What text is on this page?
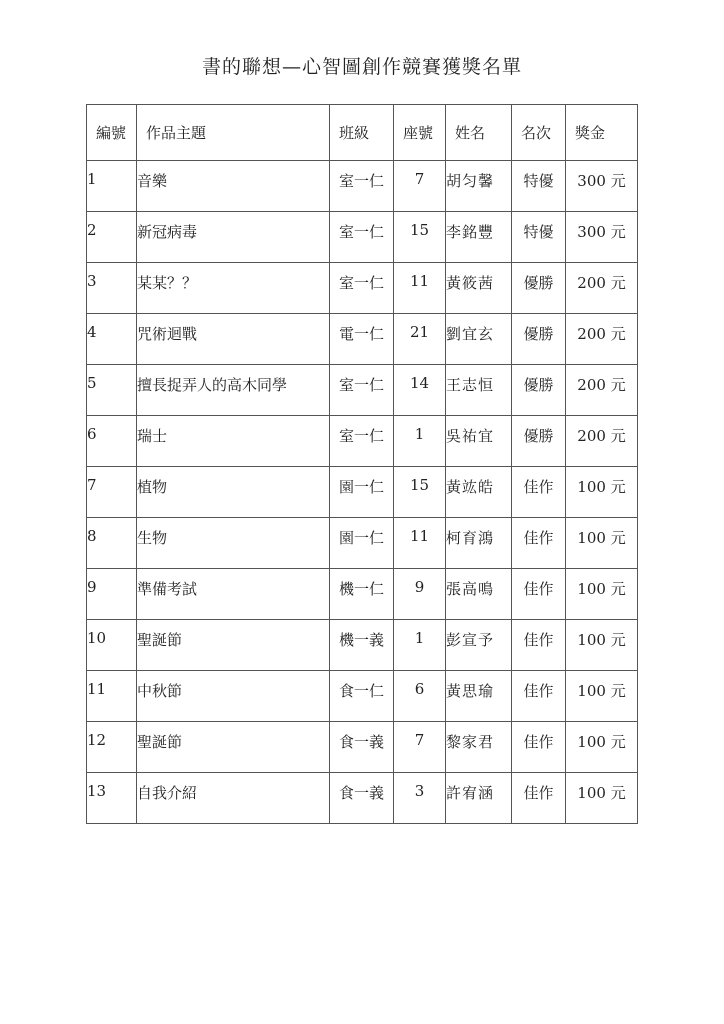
書的聯想—心智圖創作競賽獲獎名單
編號	作品主題	班級	座號	姓名	名次	獎金
1	音樂	室一仁	7	胡匀馨	特優	300 元
2	新冠病毒	室一仁	15	李銘豐	特優	300 元
3	某某？？	室一仁	11	黃筱茜	優勝	200 元
4	咒術迴戰	電一仁	21	劉宜玄	優勝	200 元
5	擅長捉弄人的高木同學	室一仁	14	王志恒	優勝	200 元
6	瑞士	室一仁	1	吳祐宜	優勝	200 元
7	植物	園一仁	15	黃竑皓	佳作	100 元
8	生物	園一仁	11	柯育鴻	佳作	100 元
9	準備考試	機一仁	9	張高鳴	佳作	100 元
10	聖誕節	機一義	1	彭宣予	佳作	100 元
11	中秋節	食一仁	6	黃思瑜	佳作	100 元
12	聖誕節	食一義	7	黎家君	佳作	100 元
13	自我介紹	食一義	3	許宥涵	佳作	100 元
